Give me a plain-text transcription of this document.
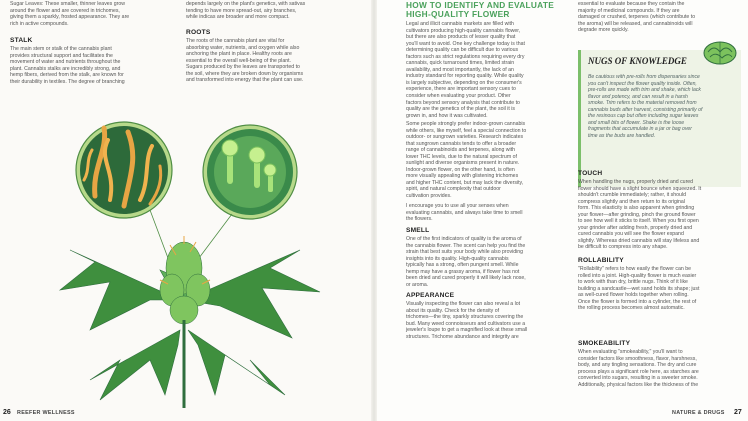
Sugar Leaves: These smaller, thinner leaves grow
around the flower and are covered in trichomes,
giving them a sparkly, frosted appearance. They are
rich in active compounds.
STALK
The main stem or stalk of the cannabis plant
provides structural support and facilitates the
movement of water and nutrients throughout the
plant. Cannabis stalks are incredibly strong, and
hemp fibers, derived from the stalk, are known for
their durability in textiles. The degree of branching
depends largely on the plant's genetics, with sativas
tending to have more spread-out, airy branches,
while indicas are broader and more compact.
ROOTS
The roots of the cannabis plant are vital for
absorbing water, nutrients, and oxygen while also
anchoring the plant in place. Healthy roots are
essential to the overall well-being of the plant.
Sugars produced by the leaves are transported to
the soil, where they are broken down by organisms
and transformed into energy that the plant can use.
26 REEFER WELLNESS
HOW TO IDENTIFY AND EVALUATE
HIGH-QUALITY FLOWER
Legal and illicit cannabis markets are filled with
cultivators producing high-quality cannabis flower,
but there are also products of lesser quality that
you'll want to avoid. One key challenge today is that
determining quality can be difficult due to various
factors such as strict regulations requiring every dry
cannabis, quick turnaround times, limited strain
availability, and most importantly, the lack of an
industry standard for reporting quality. While quality
is largely subjective, depending on the consumer's
experience, there are important sensory cues to
consider when evaluating your product. Other
factors beyond sensory analysis that contribute to
quality are the genetics of the plant, the soil it is
grown in, and how it was cultivated.
Some people strongly prefer indoor-grown cannabis
while others, like myself, feel a special connection to
outdoor- or sungrown varieties. Research indicates
that sungrown cannabis tends to offer a broader
range of cannabinoids and terpenes, along with
lower THC levels, due to the natural spectrum of
sunlight and diverse organisms present in nature.
Indoor-grown flower, on the other hand, is often
more visually appealing with glistening trichomes
and higher THC content, but may lack the diversity,
spirit, and natural complexity that outdoor
cultivation provides.
I encourage you to use all your senses when
evaluating cannabis, and always take time to smell
the flowers.
SMELL
One of the first indicators of quality is the aroma of
the cannabis flower. The scent can help you find the
strain that best suits your body while also providing
insights into its quality. High-quality cannabis
typically has a strong, often pungent smell. While
hemp may have a grassy aroma, if flower has not
been dried and cured properly it will likely lack nose,
or aroma.
APPEARANCE
Visually inspecting the flower can also reveal a lot
about its quality. Check for the density of
trichomes—the tiny, sparkly structures covering the
bud. Many weed connoisseurs and cultivators use a
jeweler's loupe to get a magnified look at these small
structures. Trichome abundance and integrity are
essential to evaluate because they contain the
majority of medicinal compounds. If they are
damaged or crushed, terpenes (which contribute to
the aroma) will be released, and cannabinoids will
degrade more quickly.
NUGS OF KNOWLEDGE
Be cautious with pre-rolls from dispensaries since
you can't inspect the flower quality inside. Often,
pre-rolls are made with trim and shake, which lack
flavor and potency, and can result in a harsh
smoke. Trim refers to the material removed from
cannabis buds after harvest, consisting primarily of
the resinous cap but often including sugar leaves
and small bits of flower. Shake is the loose
fragments that accumulate in a jar or bag over
time as the buds are handled.
TOUCH
When handling the nugs, properly dried and cured
flower should have a slight bounce when squeezed. It
shouldn't crumble immediately; rather, it should
compress slightly and then return to its original
form. This elasticity is also apparent when grinding
your flower—after grinding, pinch the ground flower
to see how well it sticks to itself. When you first open
your grinder after adding fresh, properly dried and
cured cannabis you will see the flower expand
slightly. Whereas dried cannabis will stay lifeless and
be difficult to compress into any shape.
ROLLABILITY
"Rollability" refers to how easily the flower can be
rolled into a joint. High-quality flower is much easier
to work with than dry, brittle nugs. Think of it like
building a sandcastle—wet sand holds its shape; just
as well-cured flower holds together when rolling.
Once the flower is formed into a cylinder, the rest of
the rolling process becomes almost automatic.
SMOKEABILITY
When evaluating "smokeability," you'll want to
consider factors like smoothness, flavor, harshness,
body, and any tingling sensations. The dry and cure
process plays a significant role here, as starches are
converted into sugars, resulting in a sweeter smoke.
Additionally, physical factors like the thickness of the
NATURE & DRUGS 27
